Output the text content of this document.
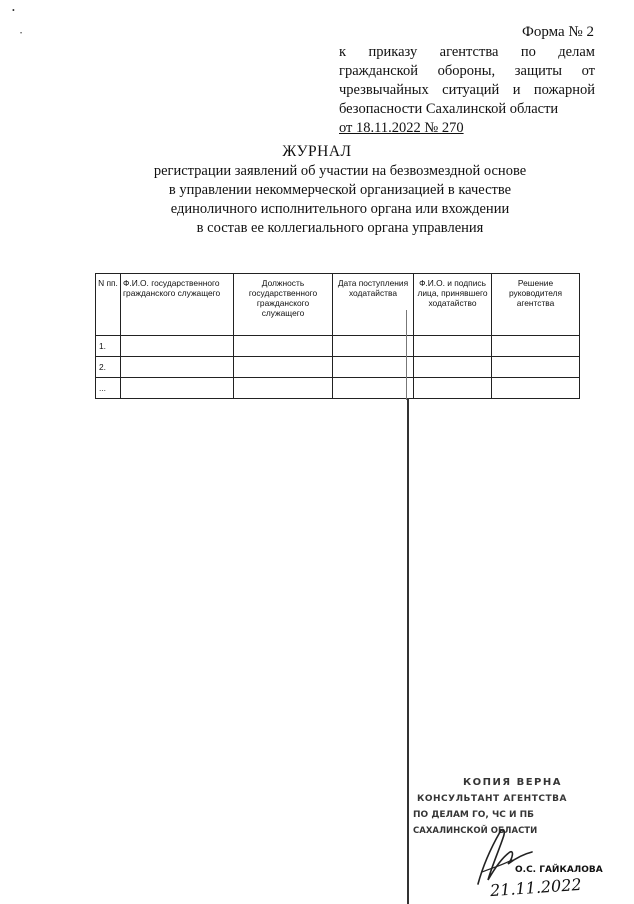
•
•	Форма № 2
к приказу агентства по делам
гражданской обороны, защиты от
чрезвычайных ситуаций и пожарной
безопасности Сахалинской области
от 18.11.2022 № 270
ЖУРНАЛ
регистрации заявлений об участии на безвозмездной основе
в управлении некоммерческой организацией в качестве
единоличного исполнительного органа или вхождении
в состав ее коллегиального органа управления
N пп.	Ф.И.О. государственного гражданского служащего	Должность государственного гражданского служащего	Дата поступления ходатайства	Ф.И.О. и подпись лица, принявшего ходатайство	Решение руководителя агентства
1.					
2.					
...					
КОПИЯ ВЕРНА
КОНСУЛЬТАНТ АГЕНТСТВА
ПО ДЕЛАМ ГО, ЧС И ПБ
САХАЛИНСКОЙ ОБЛАСТИ
О.С. ГАЙКАЛОВА
21.11.2022
